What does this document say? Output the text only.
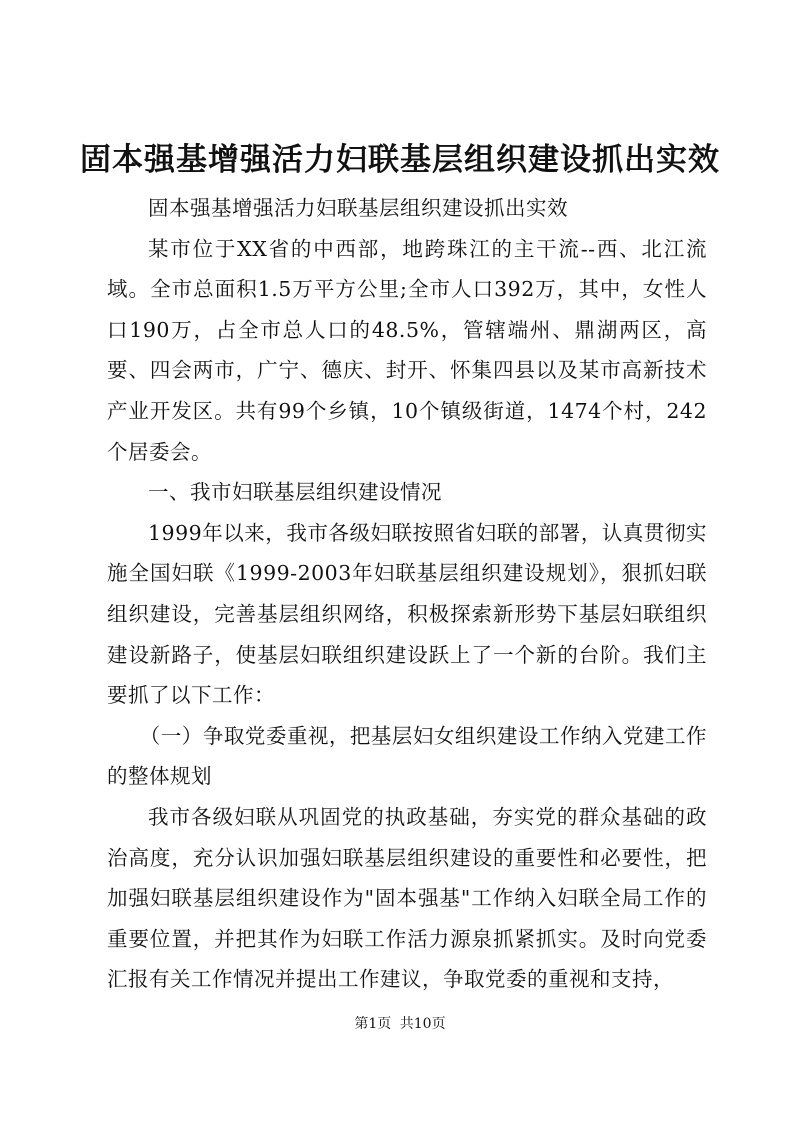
固本强基增强活力妇联基层组织建设抓出实效

固本强基增强活力妇联基层组织建设抓出实效

某市位于XX省的中西部，地跨珠江的主干流--西、北江流域。全市总面积1.5万平方公里;全市人口392万，其中，女性人口190万，占全市总人口的48.5%，管辖端州、鼎湖两区，高要、四会两市，广宁、德庆、封开、怀集四县以及某市高新技术产业开发区。共有99个乡镇，10个镇级街道，1474个村，242个居委会。

一、我市妇联基层组织建设情况

1999年以来，我市各级妇联按照省妇联的部署，认真贯彻实施全国妇联《1999-2003年妇联基层组织建设规划》，狠抓妇联组织建设，完善基层组织网络，积极探索新形势下基层妇联组织建设新路子，使基层妇联组织建设跃上了一个新的台阶。我们主要抓了以下工作：

（一）争取党委重视，把基层妇女组织建设工作纳入党建工作的整体规划

我市各级妇联从巩固党的执政基础，夯实党的群众基础的政治高度，充分认识加强妇联基层组织建设的重要性和必要性，把加强妇联基层组织建设作为"固本强基"工作纳入妇联全局工作的重要位置，并把其作为妇联工作活力源泉抓紧抓实。及时向党委汇报有关工作情况并提出工作建议，争取党委的重视和支持，

第1页 共10页
